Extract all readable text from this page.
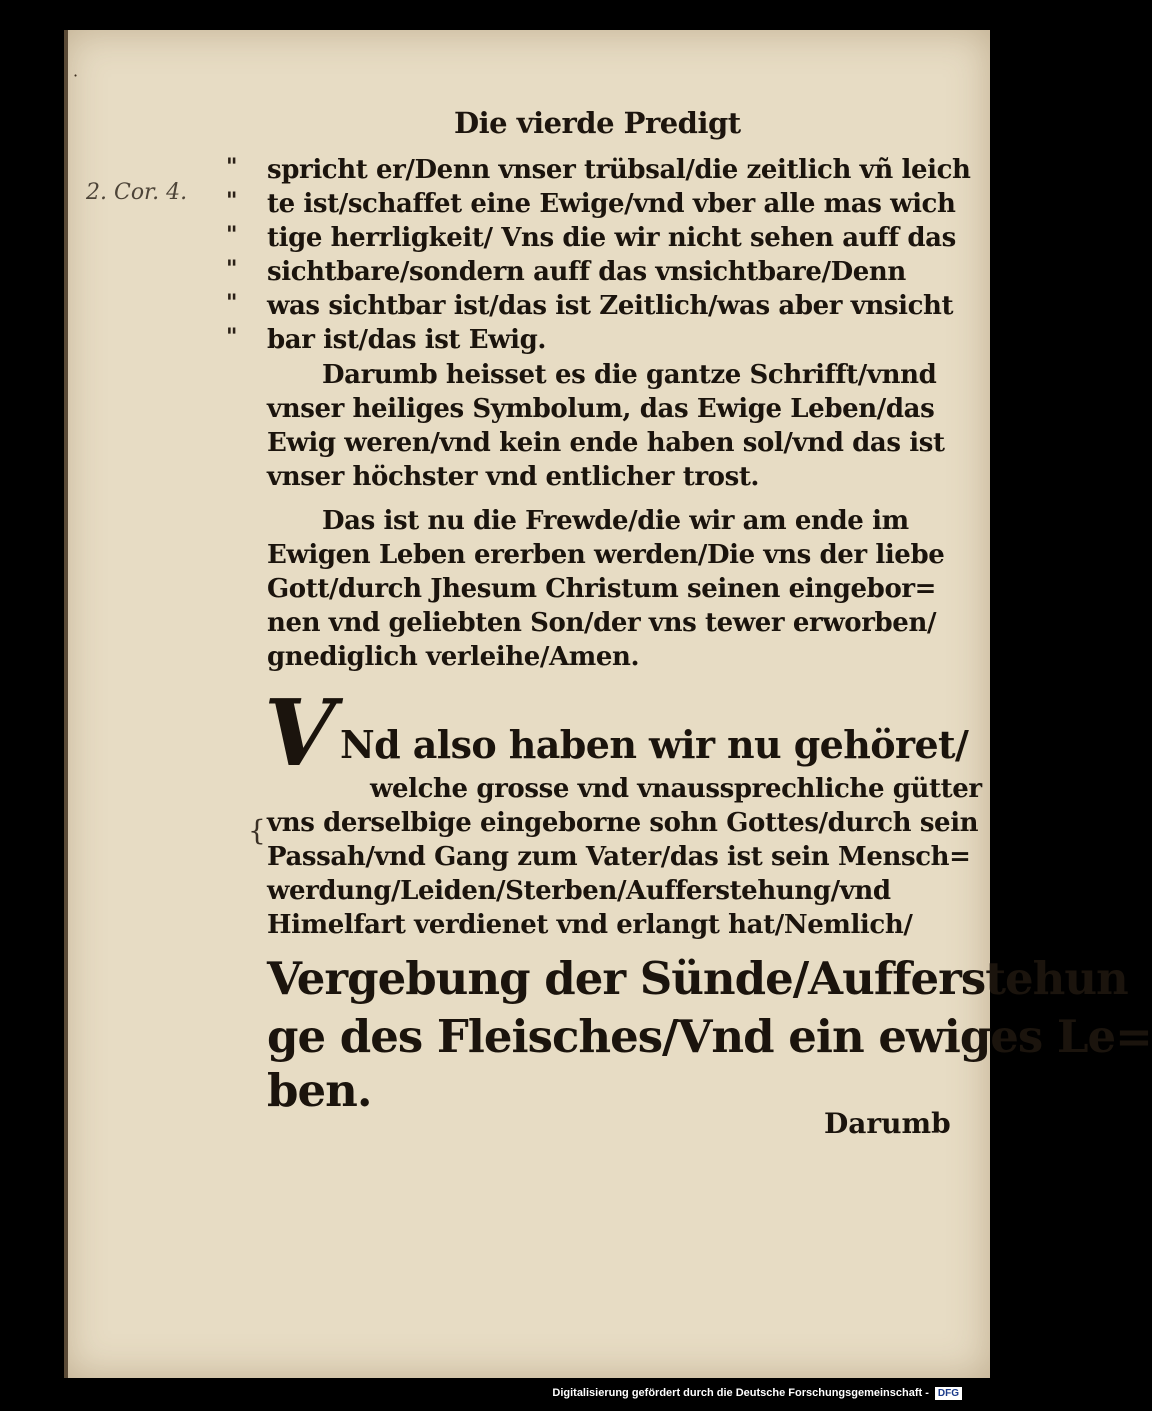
·
Die vierde Predigt
2. Cor. 4.
"	spricht er/Denn vnser trübsal/die zeitlich vñ leich
"	te ist/schaffet eine Ewige/vnd vber alle mas wich
"	tige herrligkeit/ Vns die wir nicht sehen auff das
"	sichtbare/sondern auff das vnsichtbare/Denn
"	was sichtbar ist/das ist Zeitlich/was aber vnsicht
"	bar ist/das ist Ewig.
Darumb heisset es die gantze Schrifft/vnnd
vnser heiliges Symbolum, das Ewige Leben/das
Ewig weren/vnd kein ende haben sol/vnd das ist
vnser höchster vnd entlicher trost.
Das ist nu die Frewde/die wir am ende im
Ewigen Leben ererben werden/Die vns der liebe
Gott/durch Jhesum Christum seinen eingebor=
nen vnd geliebten Son/der vns tewer erworben/
gnediglich verleihe/Amen.
V Nd also haben wir nu gehöret/
welche grosse vnd vnaussprechliche gütter
vns derselbige eingeborne sohn Gottes/durch sein
Passah/vnd Gang zum Vater/das ist sein Mensch=
werdung/Leiden/Sterben/Aufferstehung/vnd
Himelfart verdienet vnd erlangt hat/Nemlich/
{
Vergebung der Sünde/Aufferstehun
ge des Fleisches/Vnd ein ewiges Le=
ben.
Darumb
Digitalisierung gefördert durch die Deutsche Forschungsgemeinschaft - DFG
